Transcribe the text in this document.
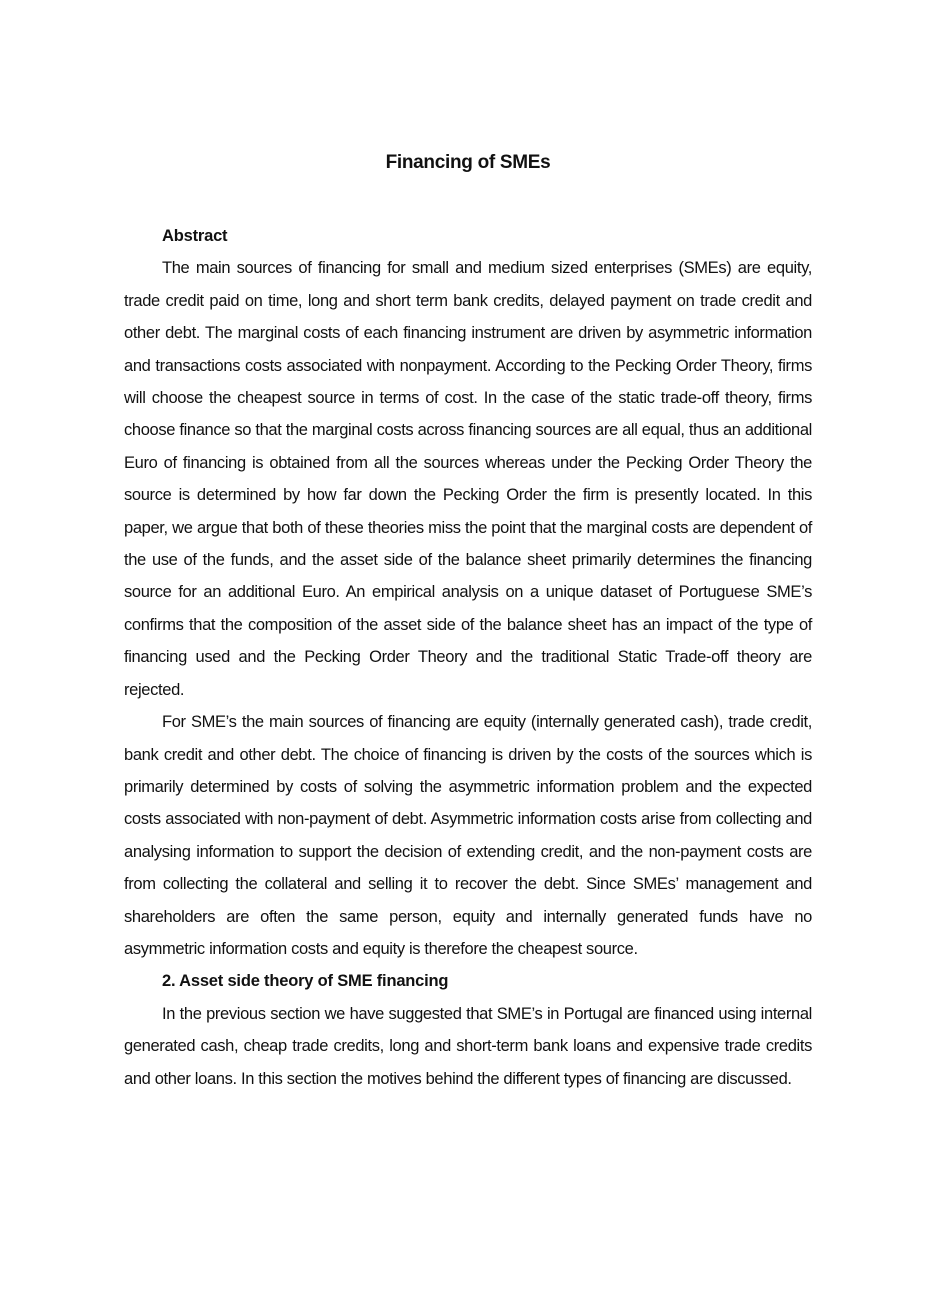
Financing of SMEs

Abstract

The main sources of financing for small and medium sized enterprises (SMEs) are equity, trade credit paid on time, long and short term bank credits, delayed payment on trade credit and other debt. The marginal costs of each financing instrument are driven by asymmetric information and transactions costs associated with nonpayment. According to the Pecking Order Theory, firms will choose the cheapest source in terms of cost. In the case of the static trade-off theory, firms choose finance so that the marginal costs across financing sources are all equal, thus an additional Euro of financing is obtained from all the sources whereas under the Pecking Order Theory the source is determined by how far down the Pecking Order the firm is presently located. In this paper, we argue that both of these theories miss the point that the marginal costs are dependent of the use of the funds, and the asset side of the balance sheet primarily determines the financing source for an additional Euro. An empirical analysis on a unique dataset of Portuguese SME’s confirms that the composition of the asset side of the balance sheet has an impact of the type of financing used and the Pecking Order Theory and the traditional Static Trade-off theory are rejected.

For SME’s the main sources of financing are equity (internally generated cash), trade credit, bank credit and other debt. The choice of financing is driven by the costs of the sources which is primarily determined by costs of solving the asymmetric information problem and the expected costs associated with non-payment of debt. Asymmetric information costs arise from collecting and analysing information to support the decision of extending credit, and the non-payment costs are from collecting the collateral and selling it to recover the debt. Since SMEs’ management and shareholders are often the same person, equity and internally generated funds have no asymmetric information costs and equity is therefore the cheapest source.

2. Asset side theory of SME financing

In the previous section we have suggested that SME’s in Portugal are financed using internal generated cash, cheap trade credits, long and short-term bank loans and expensive trade credits and other loans. In this section the motives behind the different types of financing are discussed.
